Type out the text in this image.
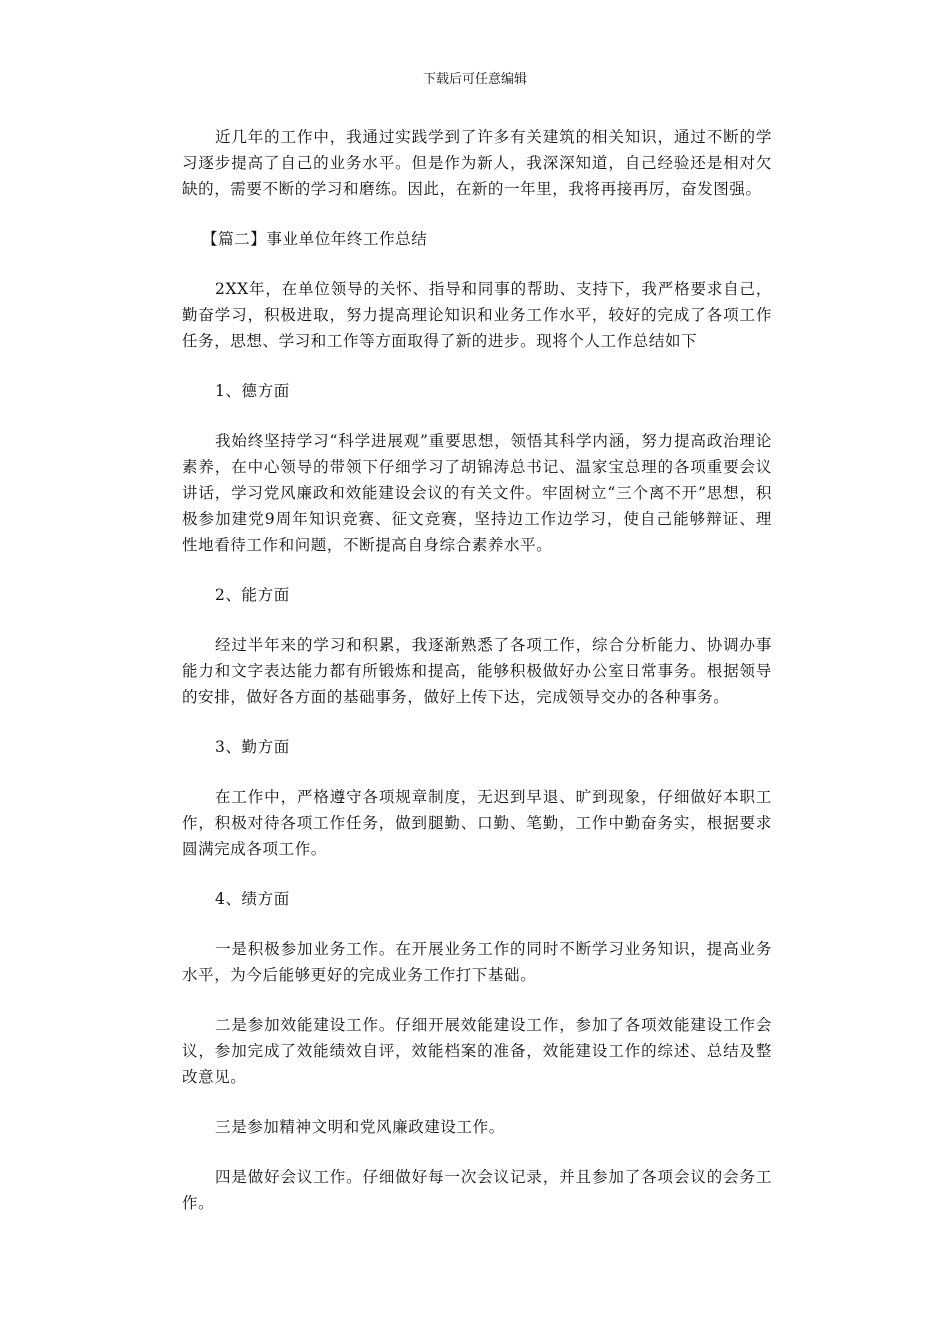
下载后可任意编辑

近几年的工作中，我通过实践学到了许多有关建筑的相关知识，通过不断的学习逐步提高了自己的业务水平。但是作为新人，我深深知道，自己经验还是相对欠缺的，需要不断的学习和磨练。因此，在新的一年里，我将再接再厉，奋发图强。

【篇二】事业单位年终工作总结

2XX年，在单位领导的关怀、指导和同事的帮助、支持下，我严格要求自己，勤奋学习，积极进取，努力提高理论知识和业务工作水平，较好的完成了各项工作任务，思想、学习和工作等方面取得了新的进步。现将个人工作总结如下

1、德方面

我始终坚持学习“科学进展观”重要思想，领悟其科学内涵，努力提高政治理论素养，在中心领导的带领下仔细学习了胡锦涛总书记、温家宝总理的各项重要会议讲话，学习党风廉政和效能建设会议的有关文件。牢固树立“三个离不开”思想，积极参加建党9周年知识竞赛、征文竞赛，坚持边工作边学习，使自己能够辩证、理性地看待工作和问题，不断提高自身综合素养水平。

2、能方面

经过半年来的学习和积累，我逐渐熟悉了各项工作，综合分析能力、协调办事能力和文字表达能力都有所锻炼和提高，能够积极做好办公室日常事务。根据领导的安排，做好各方面的基础事务，做好上传下达，完成领导交办的各种事务。

3、勤方面

在工作中，严格遵守各项规章制度，无迟到早退、旷到现象，仔细做好本职工作，积极对待各项工作任务，做到腿勤、口勤、笔勤，工作中勤奋务实，根据要求圆满完成各项工作。

4、绩方面

一是积极参加业务工作。在开展业务工作的同时不断学习业务知识，提高业务水平，为今后能够更好的完成业务工作打下基础。

二是参加效能建设工作。仔细开展效能建设工作，参加了各项效能建设工作会议，参加完成了效能绩效自评，效能档案的准备，效能建设工作的综述、总结及整改意见。

三是参加精神文明和党风廉政建设工作。

四是做好会议工作。仔细做好每一次会议记录，并且参加了各项会议的会务工作。
